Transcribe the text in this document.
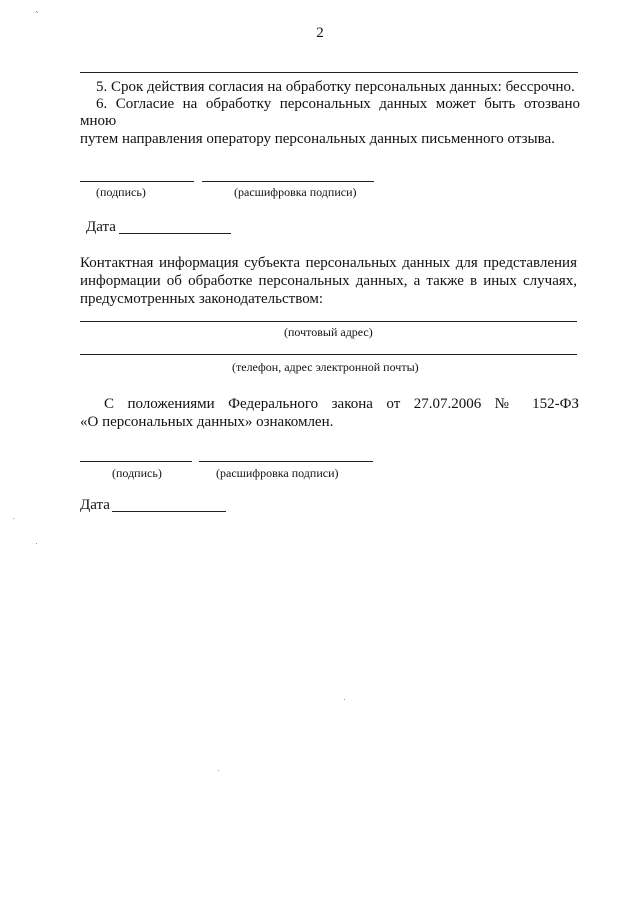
2
5. Срок действия согласия на обработку персональных данных: бессрочно.
6. Согласие на обработку персональных данных может быть отозвано
мною
путем направления оператору персональных данных письменного отзыва.
(подпись)	(расшифровка подписи)
Дата
Контактная информация субъекта персональных данных для представления
информации об обработке персональных данных, а также в иных случаях,
предусмотренных законодательством:
(почтовый адрес)
(телефон, адрес электронной почты)
С положениями Федерального закона от 27.07.2006 № 152-ФЗ
«О персональных данных» ознакомлен.
(подпись)	(расшифровка подписи)
Дата
